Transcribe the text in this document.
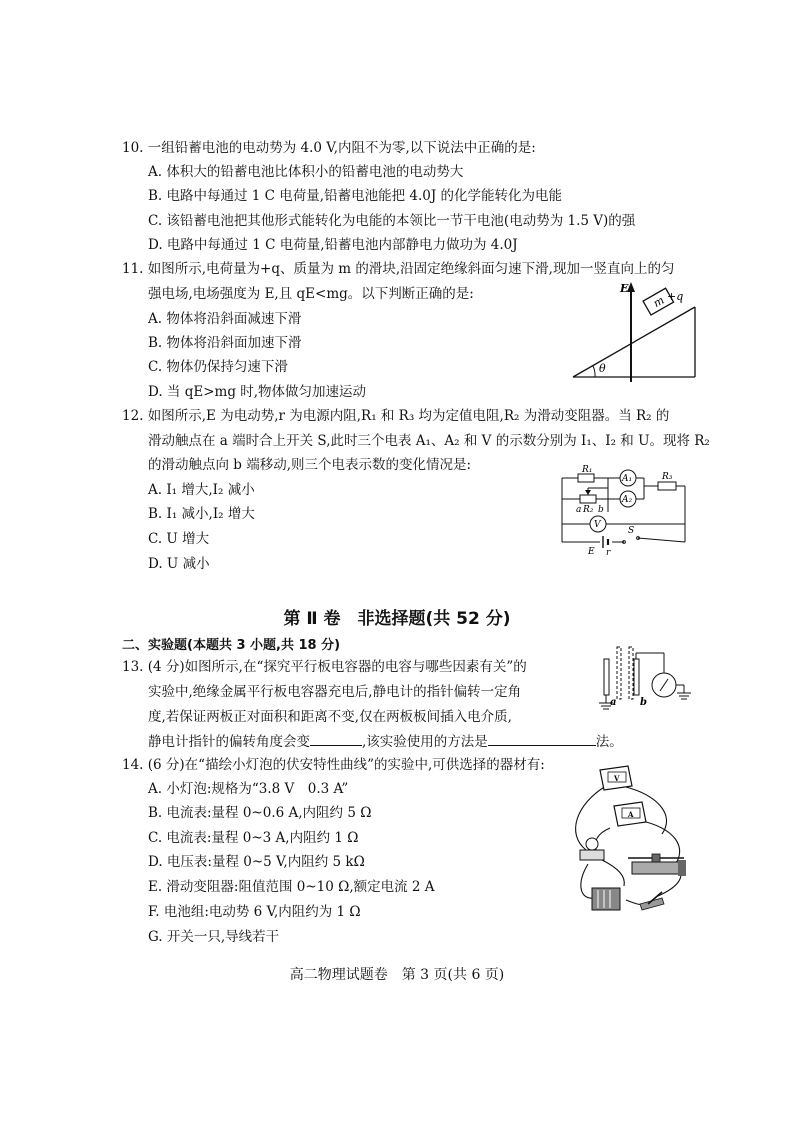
10. 一组铅蓄电池的电动势为 4.0 V,内阻不为零,以下说法中正确的是:
A. 体积大的铅蓄电池比体积小的铅蓄电池的电动势大
B. 电路中每通过 1 C 电荷量,铅蓄电池能把 4.0J 的化学能转化为电能
C. 该铅蓄电池把其他形式能转化为电能的本领比一节干电池(电动势为 1.5 V)的强
D. 电路中每通过 1 C 电荷量,铅蓄电池内部静电力做功为 4.0J
11. 如图所示,电荷量为+q、质量为 m 的滑块,沿固定绝缘斜面匀速下滑,现加一竖直向上的匀
强电场,电场强度为 E,且 qE<mg。以下判断正确的是:
A. 物体将沿斜面减速下滑
B. 物体将沿斜面加速下滑
C. 物体仍保持匀速下滑
D. 当 qE>mg 时,物体做匀加速运动
θ
E
m +q
12. 如图所示,E 为电动势,r 为电源内阻,R₁ 和 R₃ 均为定值电阻,R₂ 为滑动变阻器。当 R₂ 的
滑动触点在 a 端时合上开关 S,此时三个电表 A₁、A₂ 和 V 的示数分别为 I₁、I₂ 和 U。现将 R₂
的滑动触点向 b 端移动,则三个电表示数的变化情况是:
A. I₁ 增大,I₂ 减小
B. I₁ 减小,I₂ 增大
C. U 增大
D. U 减小
R₁
R₃
R₂
a b
A₁
A₂
V
S
E r
第 Ⅱ 卷　非选择题(共 52 分)
二、实验题(本题共 3 小题,共 18 分)
13. (4 分)如图所示,在“探究平行板电容器的电容与哪些因素有关”的
实验中,绝缘金属平行板电容器充电后,静电计的指针偏转一定角
度,若保证两板正对面积和距离不变,仅在两板板间插入电介质,
静电计指针的偏转角度会变	,该实验使用的方法是	法。
a b
14. (6 分)在“描绘小灯泡的伏安特性曲线”的实验中,可供选择的器材有:
A. 小灯泡:规格为“3.8 V　0.3 A”
B. 电流表:量程 0~0.6 A,内阻约 5 Ω
C. 电流表:量程 0~3 A,内阻约 1 Ω
D. 电压表:量程 0~5 V,内阻约 5 kΩ
E. 滑动变阻器:阻值范围 0~10 Ω,额定电流 2 A
F. 电池组:电动势 6 V,内阻约为 1 Ω
G. 开关一只,导线若干
V
A
高二物理试题卷　第 3 页(共 6 页)
